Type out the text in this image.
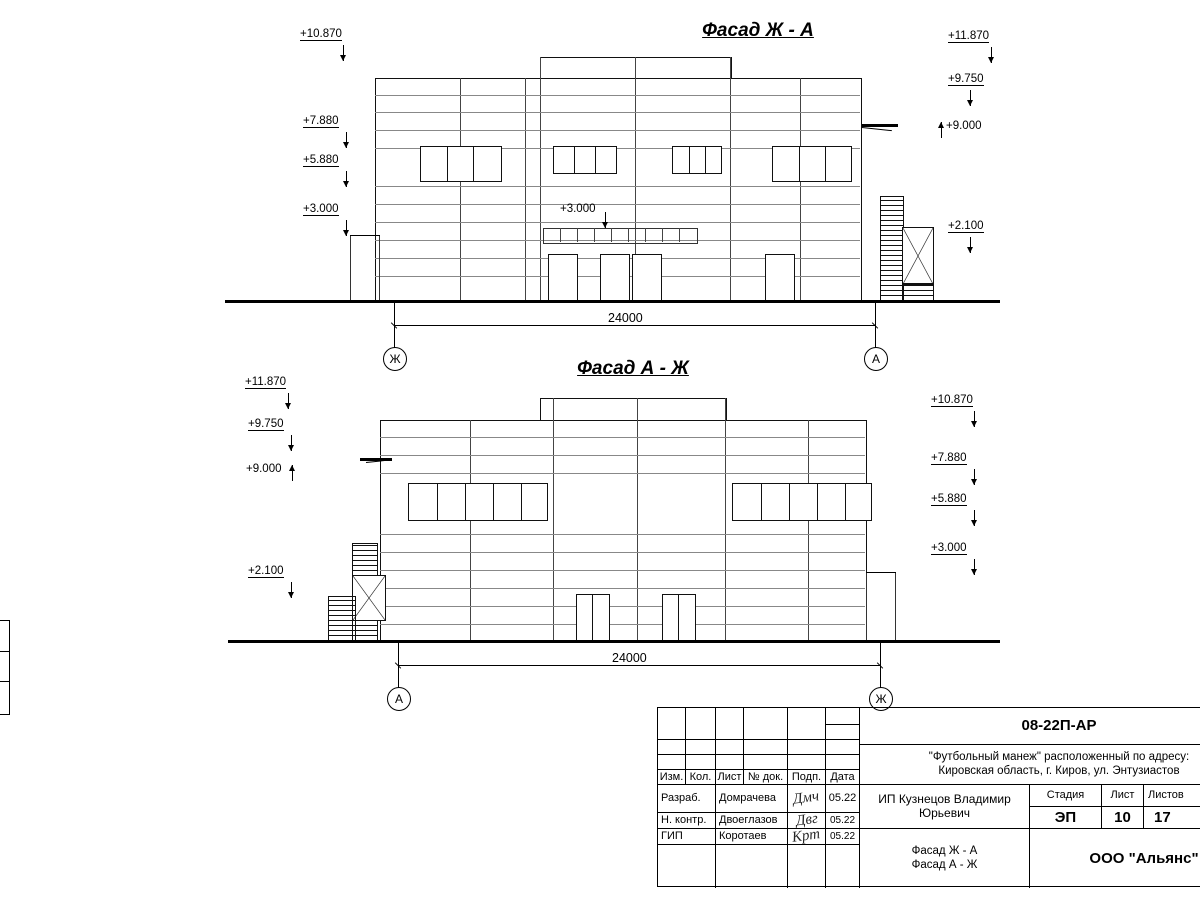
Фасад Ж - А
+10.870
+7.880
+5.880
+3.000
+11.870
+9.750
+9.000
+2.100
+3.000
24000
Ж	А
Фасад А - Ж
+11.870
+9.750
+9.000
+2.100
+10.870
+7.880
+5.880
+3.000
24000
А	Ж
Изм. Кол. Лист № док. Подп. Дата
Разраб.	Домрачева	Дмч 05.22
Н. контр.	Двоеглазов	Двг	05.22
ГИП	Коротаев	Крт 05.22
08-22П-АР
"Футбольный манеж" расположенный по адресу:
Кировская область, г. Киров, ул. Энтузиастов
ИП Кузнецов Владимир Юрьевич
Стадия	Лист	Листов
ЭП	10	17
Фасад Ж - А
Фасад А - Ж	ООО "Альянс"
